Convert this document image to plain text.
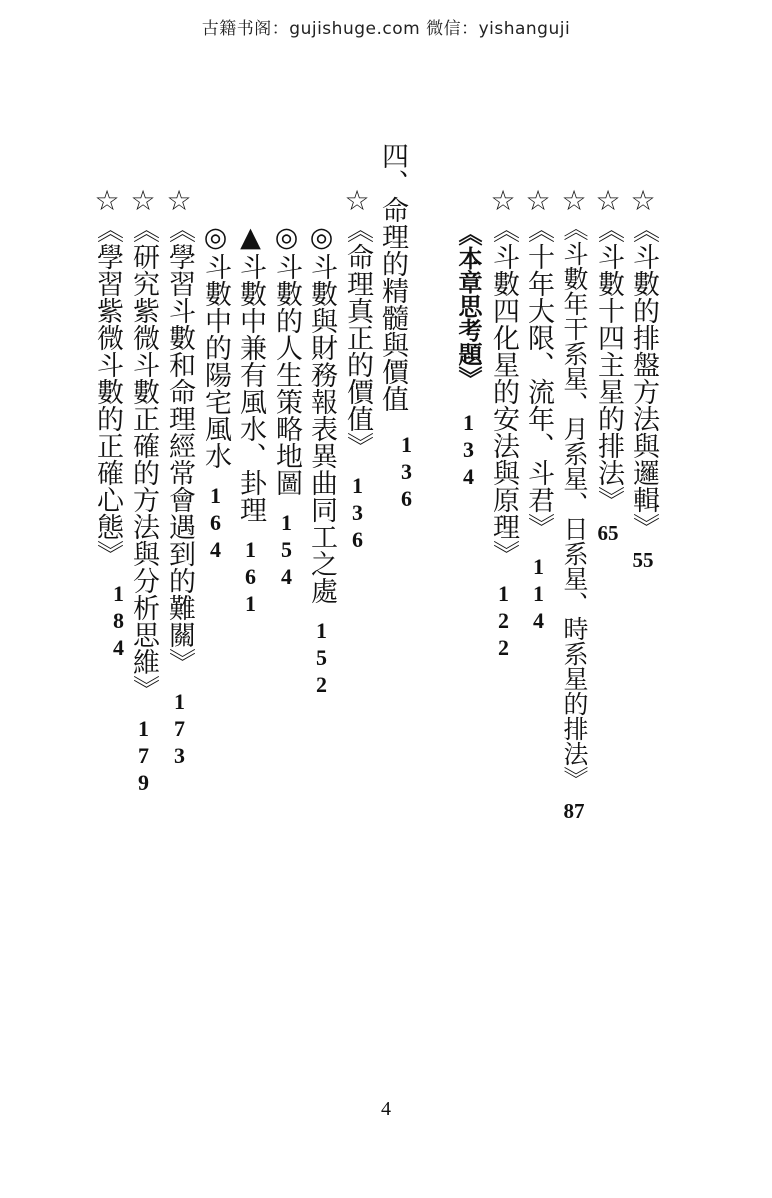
古籍书阁：gujishuge.com 微信：yishanguji
☆
《斗數的排盤方法與邏輯》
55
☆
《斗數十四主星的排法》
65
☆
《斗數年干系星、月系星、日系星、時系星的排法》
87
☆
《十年大限、流年、斗君》
114
☆
《斗數四化星的安法與原理》
122
《本章思考題》
134
四、命理的精髓與價值
136
☆
《命理真正的價值》
136
◎斗數與財務報表異曲同工之處
152
◎斗數的人生策略地圖
154
▲斗數中兼有風水、卦理
161
◎斗數中的陽宅風水
164
☆
《學習斗數和命理經常會遇到的難關》
173
☆
《研究紫微斗數正確的方法與分析思維》
179
☆
《學習紫微斗數的正確心態》
184
4
